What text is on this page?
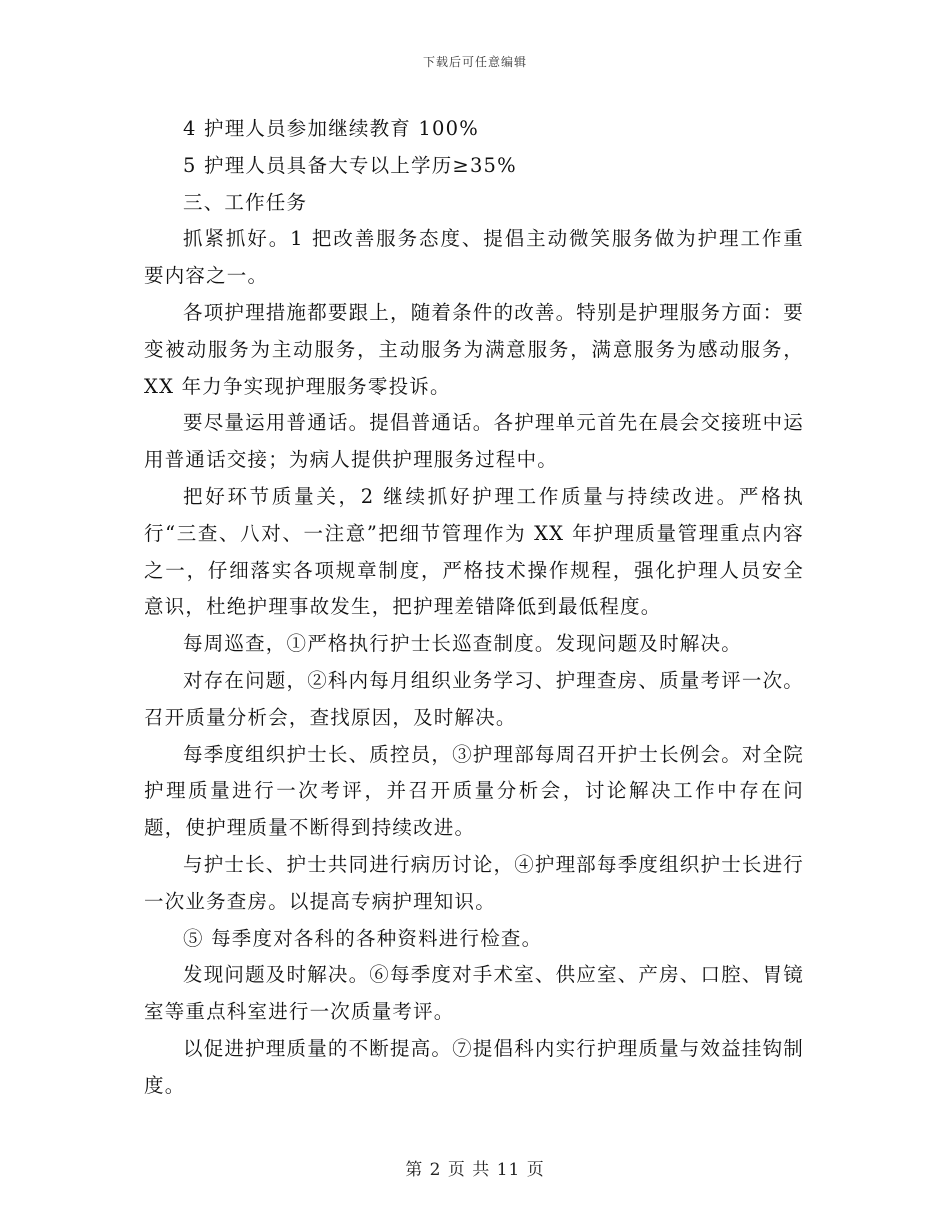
下载后可任意编辑

4 护理人员参加继续教育 100%

5 护理人员具备大专以上学历≥35%

三、工作任务

抓紧抓好。1 把改善服务态度、提倡主动微笑服务做为护理工作重要内容之一。

各项护理措施都要跟上，随着条件的改善。特别是护理服务方面：要变被动服务为主动服务，主动服务为满意服务，满意服务为感动服务，XX 年力争实现护理服务零投诉。

要尽量运用普通话。提倡普通话。各护理单元首先在晨会交接班中运用普通话交接；为病人提供护理服务过程中。

把好环节质量关，2 继续抓好护理工作质量与持续改进。严格执行“三查、八对、一注意”把细节管理作为 XX 年护理质量管理重点内容之一，仔细落实各项规章制度，严格技术操作规程，强化护理人员安全意识，杜绝护理事故发生，把护理差错降低到最低程度。

每周巡查，①严格执行护士长巡查制度。发现问题及时解决。

对存在问题，②科内每月组织业务学习、护理查房、质量考评一次。召开质量分析会，查找原因，及时解决。

每季度组织护士长、质控员，③护理部每周召开护士长例会。对全院护理质量进行一次考评，并召开质量分析会，讨论解决工作中存在问题，使护理质量不断得到持续改进。

与护士长、护士共同进行病历讨论，④护理部每季度组织护士长进行一次业务查房。以提高专病护理知识。

⑤ 每季度对各科的各种资料进行检查。

发现问题及时解决。⑥每季度对手术室、供应室、产房、口腔、胃镜室等重点科室进行一次质量考评。

以促进护理质量的不断提高。⑦提倡科内实行护理质量与效益挂钩制度。

第 2 页 共 11 页
